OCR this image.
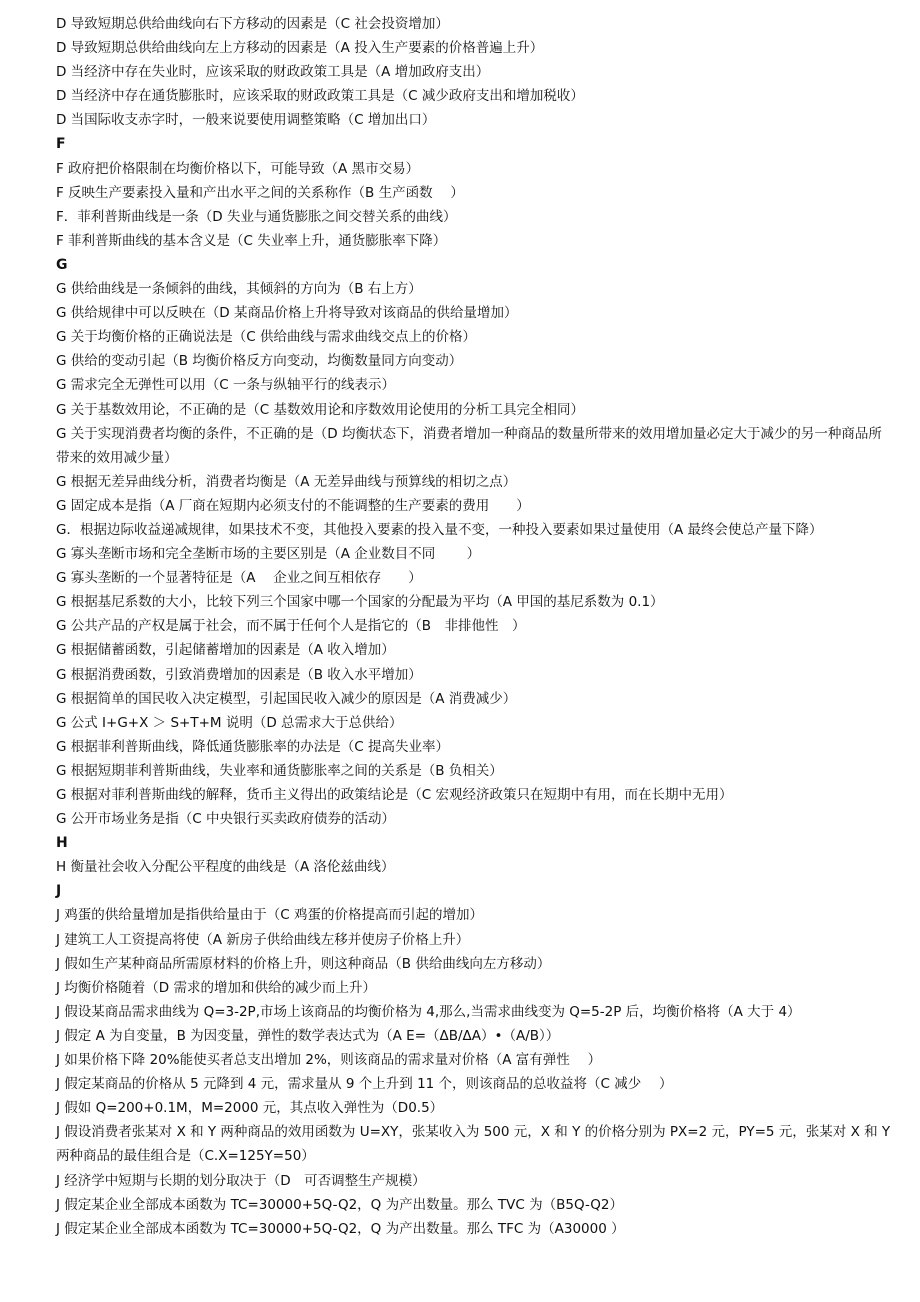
D 导致短期总供给曲线向右下方移动的因素是（C 社会投资增加）
D 导致短期总供给曲线向左上方移动的因素是（A 投入生产要素的价格普遍上升）
D 当经济中存在失业时，应该采取的财政政策工具是（A 增加政府支出）
D 当经济中存在通货膨胀时，应该采取的财政政策工具是（C 减少政府支出和增加税收）
D 当国际收支赤字时，一般来说要使用调整策略（C 增加出口）
F
F 政府把价格限制在均衡价格以下，可能导致（A 黑市交易）
F 反映生产要素投入量和产出水平之间的关系称作（B 生产函数　 ）
F．菲利普斯曲线是一条（D 失业与通货膨胀之间交替关系的曲线）
F 菲利普斯曲线的基本含义是（C 失业率上升，通货膨胀率下降）
G
G 供给曲线是一条倾斜的曲线，其倾斜的方向为（B 右上方）
G 供给规律中可以反映在（D 某商品价格上升将导致对该商品的供给量增加）
G 关于均衡价格的正确说法是（C 供给曲线与需求曲线交点上的价格）
G 供给的变动引起（B 均衡价格反方向变动，均衡数量同方向变动）
G 需求完全无弹性可以用（C 一条与纵轴平行的线表示）
G 关于基数效用论，不正确的是（C 基数效用论和序数效用论使用的分析工具完全相同）
G 关于实现消费者均衡的条件，不正确的是（D 均衡状态下，消费者增加一种商品的数量所带来的效用增加量必定大于减少的另一种商品所带来的效用减少量）
G 根据无差异曲线分析，消费者均衡是（A 无差异曲线与预算线的相切之点）
G 固定成本是指（A 厂商在短期内必须支付的不能调整的生产要素的费用　　）
G．根据边际收益递减规律，如果技术不变，其他投入要素的投入量不变，一种投入要素如果过量使用（A 最终会使总产量下降）
G 寡头垄断市场和完全垄断市场的主要区别是（A 企业数目不同　　 ）
G 寡头垄断的一个显著特征是（A　 企业之间互相依存　　）
G 根据基尼系数的大小，比较下列三个国家中哪一个国家的分配最为平均（A 甲国的基尼系数为 0.1）
G 公共产品的产权是属于社会，而不属于任何个人是指它的（B　非排他性　）
G 根据储蓄函数，引起储蓄增加的因素是（A 收入增加）
G 根据消费函数，引致消费增加的因素是（B 收入水平增加）
G 根据简单的国民收入决定模型，引起国民收入减少的原因是（A 消费减少）
G 公式 I+G+X ＞ S+T+M 说明（D 总需求大于总供给）
G 根据菲利普斯曲线，降低通货膨胀率的办法是（C 提高失业率）
G 根据短期菲利普斯曲线，失业率和通货膨胀率之间的关系是（B 负相关）
G 根据对菲利普斯曲线的解释，货币主义得出的政策结论是（C 宏观经济政策只在短期中有用，而在长期中无用）
G 公开市场业务是指（C 中央银行买卖政府债券的活动）
H
H 衡量社会收入分配公平程度的曲线是（A 洛伦兹曲线）
J
J 鸡蛋的供给量增加是指供给量由于（C 鸡蛋的价格提高而引起的增加）
J 建筑工人工资提高将使（A 新房子供给曲线左移并使房子价格上升）
J 假如生产某种商品所需原材料的价格上升，则这种商品（B 供给曲线向左方移动）
J 均衡价格随着（D 需求的增加和供给的减少而上升）
J 假设某商品需求曲线为 Q=3-2P,市场上该商品的均衡价格为 4,那么,当需求曲线变为 Q=5-2P 后，均衡价格将（A 大于 4）
J 假定 A 为自变量，B 为因变量，弹性的数学表达式为（A E=（ΔB/ΔA）•（A/B））
J 如果价格下降 20%能使买者总支出增加 2%，则该商品的需求量对价格（A 富有弹性　 ）
J 假定某商品的价格从 5 元降到 4 元，需求量从 9 个上升到 11 个，则该商品的总收益将（C 减少　 ）
J 假如 Q=200+0.1M，M=2000 元，其点收入弹性为（D0.5）
J 假设消费者张某对 X 和 Y 两种商品的效用函数为 U=XY，张某收入为 500 元，X 和 Y 的价格分别为 PX=2 元，PY=5 元，张某对 X 和 Y 两种商品的最佳组合是（C.X=125Y=50）
J 经济学中短期与长期的划分取决于（D　可否调整生产规模）
J 假定某企业全部成本函数为 TC=30000+5Q-Q2，Q 为产出数量。那么 TVC 为（B5Q-Q2）
J 假定某企业全部成本函数为 TC=30000+5Q-Q2，Q 为产出数量。那么 TFC 为（A30000 ）
